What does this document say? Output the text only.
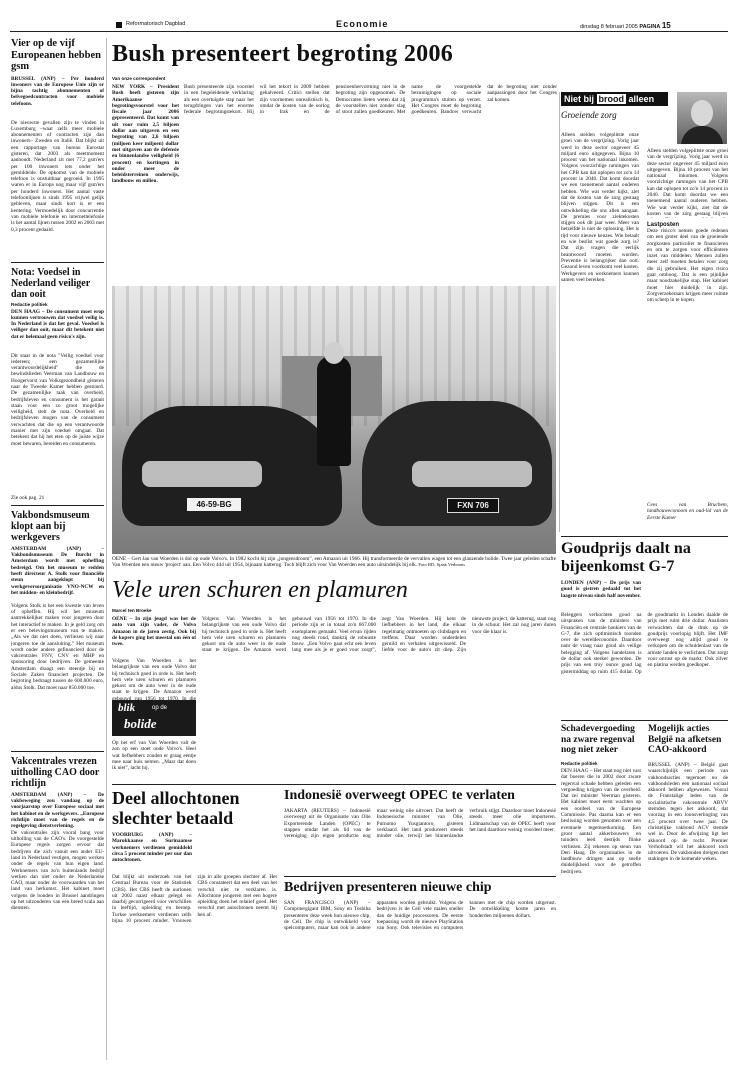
Reformatorisch Dagblad	Economie	dinsdag 8 februari 2005 PAGINA 15
Vier op de vijf Europeanen hebben gsm
BRUSSEL (ANP) – Per honderd inwoners van de Europese Unie zijn er bijna tachtig abonnementen of belvegoedcontracten voor mobiele telefoons.
De nieuwste gevallen zijn te vinden in Luxemburg –waar zelfs meer mobiele abonnementen of contracten zijn dan inwoners– Zweden en Italië. Dat blijkt uit een rapportage van bureau Eurostat gisteren, dat 2003 als meetmoment aanhoudt. Nederland zit met 77,2 gsm'ers per 100 inwoners iets onder het gemiddelde. De opkomst van de mobiele telefoon is onstuitbaar gegroeid. In 1995 waren er in Europa nog maar vijf gsm'ers per honderd inwoners. Het aantal vaste telefoonlijnen is sinds 1995 vrijwel gelijk gebleven, maar sinds kort is er een kentering. Vermoedelijk door concurrentie van mobiele telefonie en internettelefonie is het aantal lijnen tussen 2002 en 2003 met 0,3 procent gedaald.
Nota: Voedsel in Nederland veiliger dan ooit
Redactie politiek
DEN HAAG – De consument moet erop kunnen vertrouwen dat voedsel veilig is. In Nederland is dat het geval. Voedsel is veiliger dan ooit, maar dit betekent niet dat er helemaal geen risico's zijn.
Dit staat in de nota "Veilig voedsel voor iedereen; een gezamenlijke verantwoordelijkheid" die de bewindslieden Veerman van Landbouw en Hoogervorst van Volksgezondheid gisteren naar de Tweede Kamer hebben gestuurd. De gezamenlijke taak van overheid, bedrijfsleven en consument is het garant staan voor een zo groot mogelijke veiligheid, stelt de nota. Overheid en bedrijfsleven mogen van de consument verwachten dat die op een verantwoorde manier met zijn voedsel omgaat. Dat betekent dat hij het eten op de juiste wijze moet bewaren, bereiden en consumeren.
Zie ook pag. 21
Vakbondsmuseum klopt aan bij werkgevers
AMSTERDAM (ANP) – Vakbondsmuseum De Burcht in Amsterdam wordt met opheffing bedreigd. Om het museum te redden heeft directeur A. Stolk voor financiële steun aangeklopt bij werkgeversorganisatie VNO-NCW en het midden- en kleinbedrijf.
Volgens Stolk is het een kwestie van leven of opheffen. Hij wil het museum aantrekkelijker maken voor jongeren door het interactief te maken. In je geld zorg om er een belevingsmuseum van te maken. „Als we dat niet doen, verliezen wij naar jongeren toe de aansluiting.” Het museum wordt onder andere gefinancierd door de vakcentrales FNV, CNV en MHP en sponsoring door bedrijven. De gemeente Amsterdam draagt een steentje bij en Sociale Zaken financiert projecten. De begroting bedraagt tussen de 600.000 euro, aldus Stolk. Dat moet naar 850.000 toe.
Vakcentrales vrezen uitholling CAO door richtlijn
AMSTERDAM (ANP) – De vakbeweging zou vandaag op de voorjaarstop over Europese sociaal met het kabinet en de werkgevers. „Europese richtlijn moet van de regels en de regelgeving dienstverlening.
De vakcentrales zijn vooral bang voor uitholling van de CAO's. De voorgestelde Europese regels zorgen ervoor dat bedrijven die zich vanuit een ander EU-land in Nederland vestigen, mogen werken onder de regels van hun eigen land. Werknemers van zo'n buitenlands bedrijf werken dan niet onder de Nederlandse CAO, maar onder de voorwaarden van het land van herkomst. Het kabinet moet volgens de bonden in Brussel aandringen op het uitzonderen van een breed scala aan diensten.
Bush presenteert begroting 2006
Van onze correspondent
NEW YORK – President Bush heeft gisteren zijn Amerikaanse begrotingsvoorstel voor het fiscale jaar 2006 gepresenteerd. Dat komt van uit voor ruim 2,5 biljoen dollar aan uitgaven en een begroting van 2,6 biljoen (miljoen keer miljoen) dollar met uitgaven aan de defensie en binnenlandse veiligheid (6 procent) en kortingen in onder meer de beleidsterreinen onderwijs, landbouw en milieu.
Bush presenteerde zijn voorstel in een begeleidende verklaring als een overtuigde stap naar het terugdringen van het enorme federale begrotingstekort. Hij wil het tekort in 2009 hebben gehalveerd. Critici stellen dat zijn voornemen onrealistisch is, omdat de kosten van de oorlog in Irak en de pensioenhervorming niet in de begroting zijn opgenomen. De Democraten lieten weten dat zij de voorstellen niet zonder slag of stoot zullen goedkeuren. Met name de voorgestelde bezuinigingen op sociale programma's stuiten op verzet. Het Congres moet de begroting goedkeuren. Bandow verwacht dat de begroting niet zonder aanpassingen door het Congres zal komen.	Niet bij brood alleen
Groeiende zorg
Alleen stelden volgeplitste onze groei van de vergrijzing. Vorig jaar werd in deze sector ongeveer 45 miljard euro uitgegeven. Bijna 10 procent van het nationaal inkomen. Volgens voorzichtige ramingen van het CPB kan dat oplopen tot zo'n 14 procent in 2040. Dat komt doordat we een toenemend aantal ouderen hebben. Wie wat verder kijkt, ziet dat de kosten van de zorg gestaag blijven stijgen. Dit is een ontwikkeling die ons allen aangaat. De premies voor ziektekosten stijgen ook dit jaar weer. Meer van hetzelfde is niet de oplossing. Het is tijd voor nieuwe keuzes. Wie betaalt en wie beslist wat goede zorg is? Dat zijn vragen die eerlijk beantwoord moeten worden. Preventie is belangrijker dan ooit. Gezond leven voorkomt veel kosten. Werkgevers en werknemers kunnen samen veel bereiken.
Alleen stelden volgeplitste onze groei van de vergrijzing. Vorig jaar werd in deze sector ongeveer 45 miljard euro uitgegeven. Bijna 10 procent van het nationaal inkomen. Volgens voorzichtige ramingen van het CPB kan dat oplopen tot zo'n 14 procent in 2040. Dat komt doordat we een toenemend aantal ouderen hebben. Wie wat verder kijkt, ziet dat de kosten van de zorg gestaag blijven
Lastposten
Deze risico's nemen goede redenen om een groter deel van de groeiende zorgkosten particulier te financieren en om te zorgen voor efficiëntere inzet van middelen. Mensen zullen meer zelf moeten betalen voor zorg die zij gebruiken. Het eigen risico gaat omhoog. Dat is een pijnlijke maar noodzakelijke stap. Het kabinet moet hier duidelijk in zijn. Zorgverzekeraars krijgen meer ruimte om scherp in te kopen.
Cees van Bruchem, landbouweconoom en oud-lid van de Eerste Kamer
46-59-BG	FXN 706
OENE – Gert Jan van Woerden is dol op oude Volvo's. In 1982 kocht hij zijn „jongensdroom”, een Amazon uit 1966. Hij transformeerde de vervallen wagen tot een glanzende bolide. Twee jaar geleden schafte Van Woerden een nieuw 'project' aan. Een Volvo 444 uit 1954, bijnaam katterug. Toch blijft zich voor Van Woerden een auto uitsindelijk bij elk. Foto RD, Sjaak Verboom
Vele uren schuren en plamuren
Marcel ten Broeke
OENE – In zijn jeugd was het de auto van zijn vader, de Volvo Amazon in de jaren zestig. Ook bij de kopers ging het meestal om één of twee.
Volgens Van Woerden is het belangrijkste van een oude Volvo dat hij technisch goed in orde is. Het heeft hem vele uren schuren en plamuren gekost om de auto weer in de oude staat te krijgen. De Amazon werd gebouwd van 1956 tot 1970. In die
blik	op de
bolide
Op het erf van Van Woerden valt de zon op een stoet oude Volvo's. Heel wat liefhebbers zouden er graag eentje mee naar huis nemen. „Maar dat doen ik niet”, lacht hij.
Volgens Van Woerden is het belangrijkste van een oude Volvo dat hij technisch goed in orde is. Het heeft hem vele uren schuren en plamuren gekost om de auto weer in de oude staat te krijgen. De Amazon werd gebouwd van 1956 tot 1970. In die periode zijn er in totaal zo'n 667.000 exemplaren gemaakt. Veel ervan rijden nog steeds rond, dankzij de robuuste bouw. „Een Volvo gaat echt een leven lang mee als je er goed voor zorgt”, zegt Van Woerden. Hij kent de liefhebbers in het land, die elkaar regelmatig ontmoeten op clubdagen en treffens. Daar worden onderdelen geruild en verhalen uitgewisseld. De liefde voor de auto's zit diep. Zijn nieuwste project, de katterug, staat nog in de schuur. Het zal nog jaren duren voor die klaar is.
Deel allochtonen slechter betaald
VOORBURG (ANP) – Marokkaanse en Surinaamse werknemers verdienen gemiddeld circa 5 procent minder per uur dan autochtonen.
Dat blijkt uit onderzoek van het Centraal Bureau voor de Statistiek (CBS). Het CBS heeft de uurlonen uit 2002 naast elkaar gelegd en daarbij gecorrigeerd voor verschillen in leeftijd, opleiding en beroep. Turkse werknemers verdienen zelfs bijna 10 procent minder. Vrouwen zijn in alle groepen slechter af. Het CBS constateert dat een deel van het verschil niet te verklaren is. Allochtone jongeren met een hogere opleiding doen het relatief goed. Het verschil met autochtonen neemt bij hen af.
Indonesië overweegt OPEC te verlaten
JAKARTA (REUTERS) – Indonesië overweegt uit de Organisatie van Olie Exporterende Landen (OPEC) te stappen omdat het als lid van de vereniging zijn eigen productie nog maar weinig olie uitvoert. Dat heeft de Indonesische minister van Olie, Purnomo Yusgiantoro, gisteren verklaard. Het land produceert steeds minder olie, terwijl het binnenlandse verbruik stijgt. Daardoor moet Indonesië steeds meer olie importeren. Lidmaatschap van de OPEC heeft voor het land daardoor weinig voordeel meer.
Bedrijven presenteren nieuwe chip
SAN FRANCISCO (ANP) – Computergigant IBM, Sony en Toshiba presenteren deze week hun nieuwe chip, de Cell. De chip is ontwikkeld voor spelcomputers, maar kan ook in andere apparaten worden gebruikt. Volgens de bedrijven is de Cell vele malen sneller dan de huidige processoren. De eerste toepassing wordt de nieuwe PlayStation van Sony. Ook televisies en computers kunnen met de chip worden uitgerust. De ontwikkeling kostte jaren en honderden miljoenen dollars.
Goudprijs daalt na bijeenkomst G-7
LONDEN (ANP) – De prijs van goud is gistren gedaald tot het laagste niveau sinds half november.
Beleggers verkochten goud na uitspraken van de ministers van Financiën en centrale bankiers van de G-7, die zich optimistisch toonden over de wereldeconomie. Daardoor nam de vraag naar goud als veilige belegging af. Volgens handelaren is de dollar ook sterker geworden. De prijs van een troy ounce goud lag gistermiddag op ruim 415 dollar. Op de goudmarkt in Londen daalde de prijs met ruim drie dollar. Analisten verwachten dat de druk op de goudprijs voorlopig blijft. Het IMF overweegt nog altijd goud te verkopen om de schuldenlast van de armste landen te verlichten. Dat zorgt voor onrust op de markt. Ook zilver en platina werden goedkoper.
Schadevergoeding na zware regenval nog niet zeker
Redactie politiek
DEN HAAG – Het staat nog niet vast dat boeren die in 2002 door zware regenval schade hebben geleden een vergoeding krijgen van de overheid. Dat zei minister Veerman gisteren. Het kabinet moet eerst wachten op een oordeel van de Europese Commissie. Pas daarna kan er een beslissing worden genomen over een eventuele tegemoetkoming. Een groot aantal akkerbouwers en tuinders leed destijds flinke verliezen. Zij rekenen op steun van Den Haag. De organisaties in de landbouw dringen aan op snelle duidelijkheid voor de getroffen bedrijven.
Mogelijk acties België na afketsen CAO-akkoord
BRUSSEL (ANP) – België gaat waarschijnlijk een periode van vakbondsacties tegemoet nu de vakbondsleden een nationaal sociaal akkoord hebben afgewezen. Vooral de Franstalige leden van de socialistische vakcentrale ABVV stemden tegen het akkoord, dat voorzag in een loonsverhoging van 4,5 procent over twee jaar. De christelijke vakbond ACV stemde wel in. Door de afwijzing ligt het akkoord op de tocht. Premier Verhofstadt wil het akkoord toch uitvoeren. De vakbonden dreigen met stakingen in de komende weken.
